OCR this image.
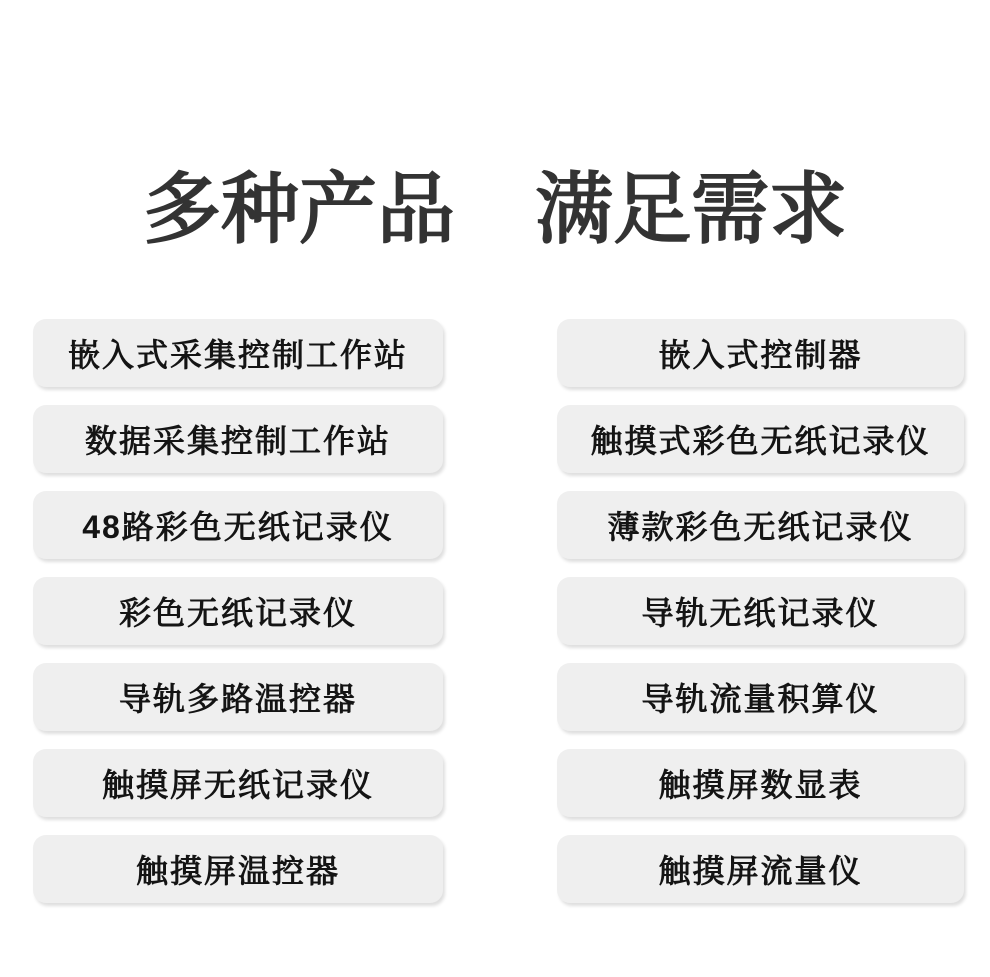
多种产品 满足需求
嵌入式采集控制工作站
数据采集控制工作站
48路彩色无纸记录仪
彩色无纸记录仪
导轨多路温控器
触摸屏无纸记录仪
触摸屏温控器
嵌入式控制器
触摸式彩色无纸记录仪
薄款彩色无纸记录仪
导轨无纸记录仪
导轨流量积算仪
触摸屏数显表
触摸屏流量仪
